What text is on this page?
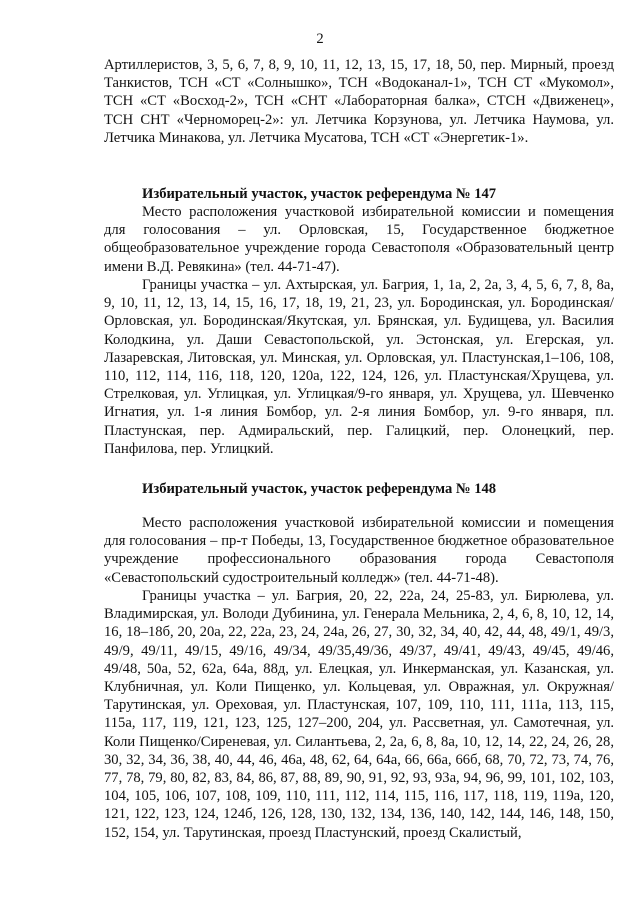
2

Артиллеристов, 3, 5, 6, 7, 8, 9, 10, 11, 12, 13, 15, 17, 18, 50, пер. Мирный, проезд Танкистов, ТСН «СТ «Солнышко», ТСН «Водоканал-1», ТСН СТ «Мукомол», ТСН «СТ «Восход-2», ТСН «СНТ «Лабораторная балка», СТСН «Движенец», ТСН СНТ «Черноморец-2»: ул. Летчика Корзунова, ул. Летчика Наумова, ул. Летчика Минакова, ул. Летчика Мусатова, ТСН «СТ «Энергетик-1».

Избирательный участок, участок референдума № 147

Место расположения участковой избирательной комиссии и помещения для голосования – ул. Орловская, 15, Государственное бюджетное общеобразовательное учреждение города Севастополя «Образовательный центр имени В.Д. Ревякина» (тел. 44-71-47).

Границы участка – ул. Ахтырская, ул. Багрия, 1, 1а, 2, 2а, 3, 4, 5, 6, 7, 8, 8а, 9, 10, 11, 12, 13, 14, 15, 16, 17, 18, 19, 21, 23, ул. Бородинская, ул. Бородинская/Орловская, ул. Бородинская/Якутская, ул. Брянская, ул. Будищева, ул. Василия Колодкина, ул. Даши Севастопольской, ул. Эстонская, ул. Егерская, ул. Лазаревская, Литовская, ул. Минская, ул. Орловская, ул. Пластунская,1–106, 108, 110, 112, 114, 116, 118, 120, 120а, 122, 124, 126, ул. Пластунская/Хрущева, ул. Стрелковая, ул. Углицкая, ул. Углицкая/9-го января, ул. Хрущева, ул. Шевченко Игнатия, ул. 1-я линия Бомбор, ул. 2-я линия Бомбор, ул. 9-го января, пл. Пластунская, пер. Адмиральский, пер. Галицкий, пер. Олонецкий, пер. Панфилова, пер. Углицкий.

Избирательный участок, участок референдума № 148

Место расположения участковой избирательной комиссии и помещения для голосования – пр-т Победы, 13, Государственное бюджетное образовательное учреждение профессионального образования города Севастополя «Севастопольский судостроительный колледж» (тел. 44-71-48).

Границы участка – ул. Багрия, 20, 22, 22а, 24, 25-83, ул. Бирюлева, ул. Владимирская, ул. Володи Дубинина, ул. Генерала Мельника, 2, 4, 6, 8, 10, 12, 14, 16, 18–18б, 20, 20а, 22, 22а, 23, 24, 24а, 26, 27, 30, 32, 34, 40, 42, 44, 48, 49/1, 49/3, 49/9, 49/11, 49/15, 49/16, 49/34, 49/35,49/36, 49/37, 49/41, 49/43, 49/45, 49/46, 49/48, 50а, 52, 62а, 64а, 88д, ул. Елецкая, ул. Инкерманская, ул. Казанская, ул. Клубничная, ул. Коли Пищенко, ул. Кольцевая, ул. Овражная, ул. Окружная/Тарутинская, ул. Ореховая, ул. Пластунская, 107, 109, 110, 111, 111а, 113, 115, 115а, 117, 119, 121, 123, 125, 127–200, 204, ул. Рассветная, ул. Самотечная, ул. Коли Пищенко/Сиреневая, ул. Силантьева, 2, 2а, 6, 8, 8а, 10, 12, 14, 22, 24, 26, 28, 30, 32, 34, 36, 38, 40, 44, 46, 46а, 48, 62, 64, 64а, 66, 66а, 66б, 68, 70, 72, 73, 74, 76, 77, 78, 79, 80, 82, 83, 84, 86, 87, 88, 89, 90, 91, 92, 93, 93а, 94, 96, 99, 101, 102, 103, 104, 105, 106, 107, 108, 109, 110, 111, 112, 114, 115, 116, 117, 118, 119, 119а, 120, 121, 122, 123, 124, 124б, 126, 128, 130, 132, 134, 136, 140, 142, 144, 146, 148, 150, 152, 154, ул. Тарутинская, проезд Пластунский, проезд Скалистый,
